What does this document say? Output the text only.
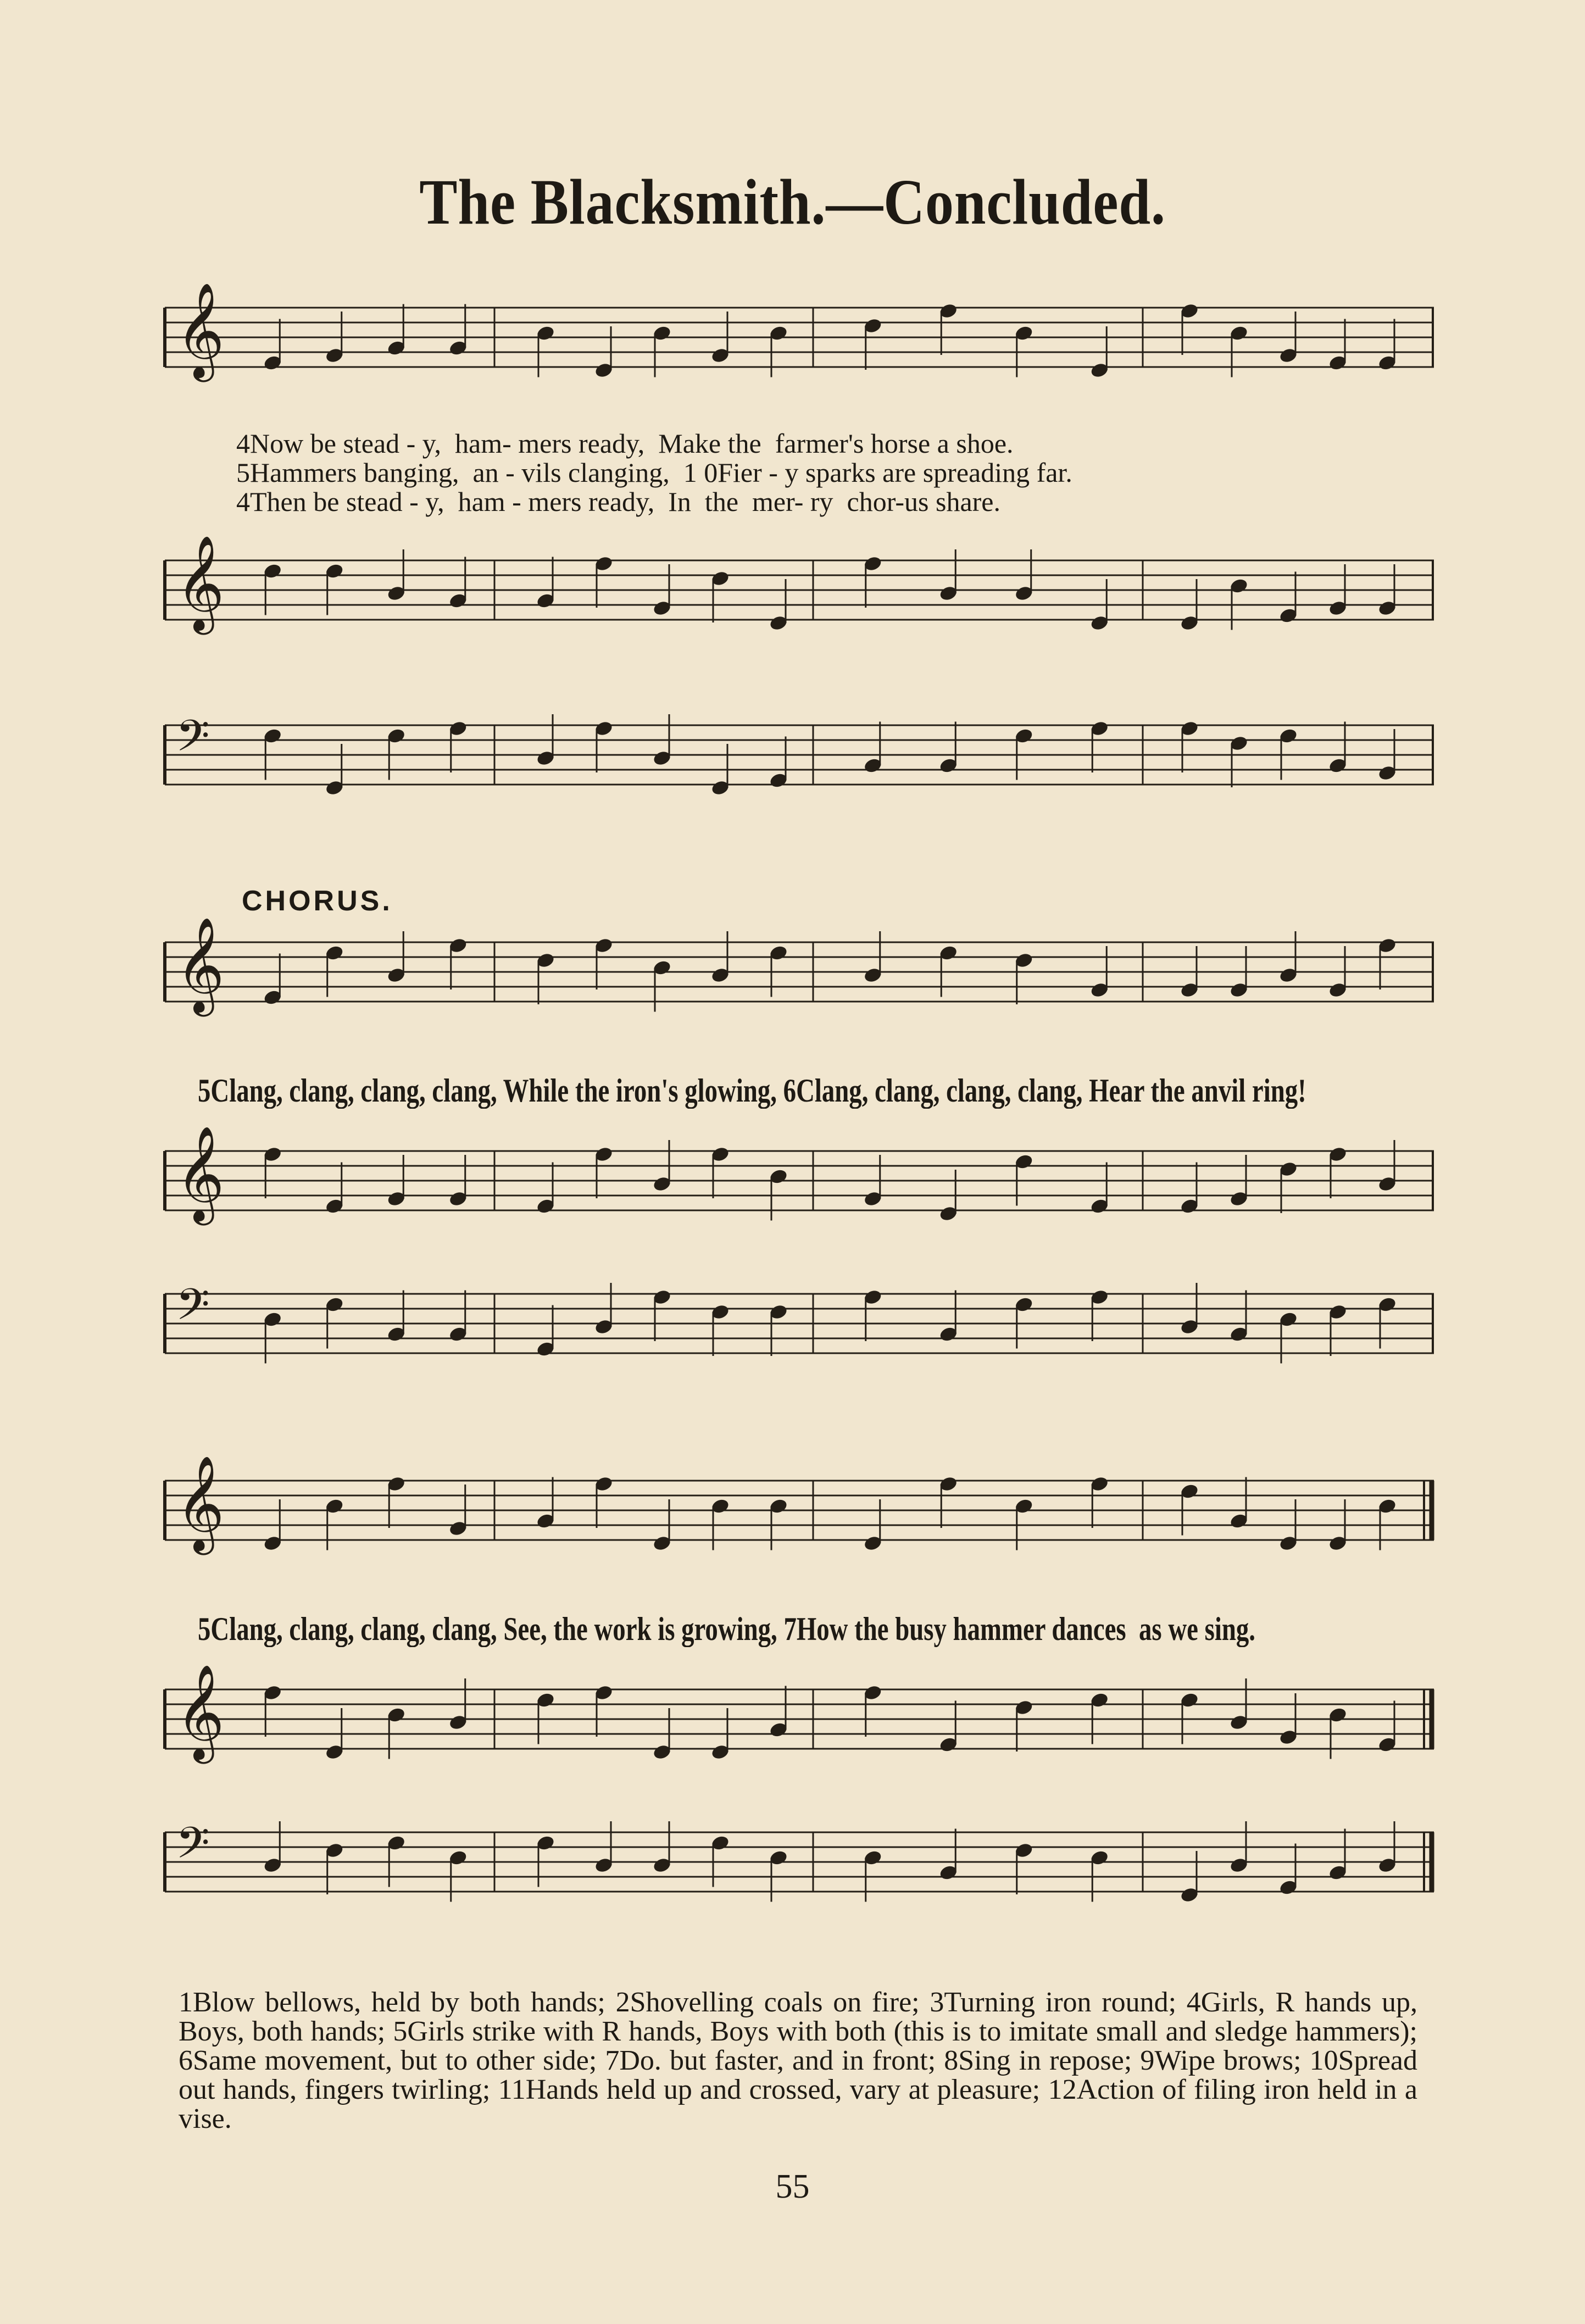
The Blacksmith.—Concluded.
𝄞
4Now be stead - y,  ham- mers ready,  Make the  farmer's horse a shoe.
5Hammers banging,  an - vils clanging,  1 0Fier - y sparks are spreading far.
4Then be stead - y,  ham - mers ready,  In  the  mer- ry  chor-us share.
𝄞
𝄢
CHORUS.
𝄞
5Clang, clang, clang, clang, While the iron's glowing, 6Clang, clang, clang, clang, Hear the anvil ring!
𝄞
𝄢
𝄞
5Clang, clang, clang, clang, See, the work is growing, 7How the busy hammer dances  as we sing.
𝄞
𝄢
1Blow bellows, held by both hands; 2Shovelling coals on fire; 3Turning iron round; 4Girls, R hands up, Boys, both hands; 5Girls strike with R hands, Boys with both (this is to imitate small and sledge hammers); 6Same movement, but to other side; 7Do. but faster, and in front; 8Sing in repose; 9Wipe brows; 10Spread out hands, fingers twirling; 11Hands held up and crossed, vary at pleasure; 12Action of filing iron held in a vise.
55
